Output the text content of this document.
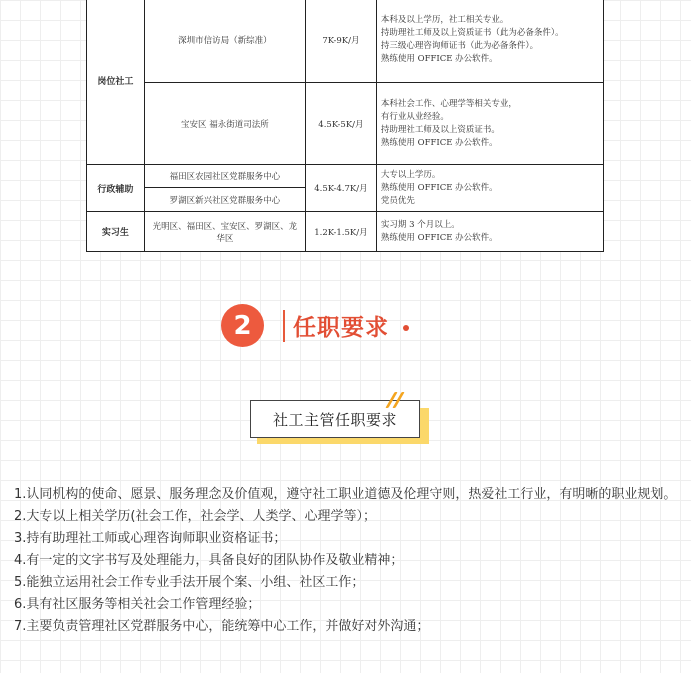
岗位社工	深圳市信访局（新综准）	7K-9K/月	本科及以上学历，社工相关专业。
持助理社工师及以上资质证书（此为必备条件）。
持三级心理咨询师证书（此为必备条件）。
熟练使用 OFFICE 办公软件。

	宝安区 福永街道司法所	4.5K-5K/月	本科社会工作、心理学等相关专业，
有行业从业经验。
持助理社工师及以上资质证书。
熟练使用 OFFICE 办公软件。

行政辅助	福田区农园社区党群服务中心	4.5K-4.7K/月	大专以上学历。
熟练使用 OFFICE 办公软件。
党员优先

	罗湖区新兴社区党群服务中心		
实习生	光明区、福田区、宝安区、罗湖区、龙华区	1.2K-1.5K/月	实习期 3 个月以上。
熟练使用 OFFICE 办公软件。
2	任职要求
社工主管任职要求
1.认同机构的使命、愿景、服务理念及价值观，遵守社工职业道德及伦理守则，热爱社工行业，有明晰的职业规划。
2.大专以上相关学历(社会工作，社会学、人类学、心理学等）；
3.持有助理社工师或心理咨询师职业资格证书；
4.有一定的文字书写及处理能力，具备良好的团队协作及敬业精神；
5.能独立运用社会工作专业手法开展个案、小组、社区工作；
6.具有社区服务等相关社会工作管理经验；
7.主要负责管理社区党群服务中心，能统筹中心工作，并做好对外沟通；
